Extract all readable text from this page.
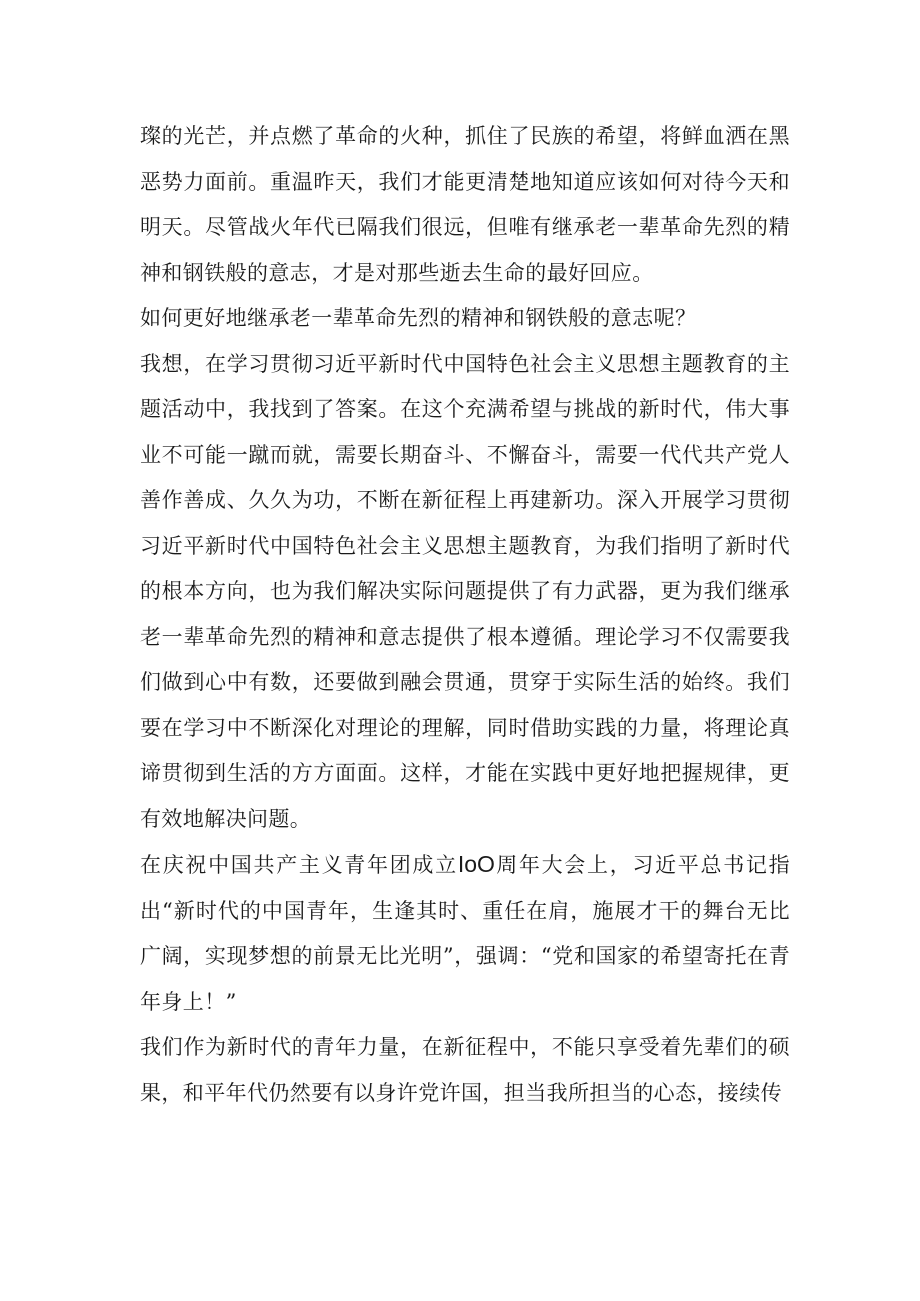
璨的光芒，并点燃了革命的火种，抓住了民族的希望，将鲜血洒在黑恶势力面前。重温昨天，我们才能更清楚地知道应该如何对待今天和明天。尽管战火年代已隔我们很远，但唯有继承老一辈革命先烈的精神和钢铁般的意志，才是对那些逝去生命的最好回应。

如何更好地继承老一辈革命先烈的精神和钢铁般的意志呢？

我想，在学习贯彻习近平新时代中国特色社会主义思想主题教育的主题活动中，我找到了答案。在这个充满希望与挑战的新时代，伟大事业不可能一蹴而就，需要长期奋斗、不懈奋斗，需要一代代共产党人善作善成、久久为功，不断在新征程上再建新功。深入开展学习贯彻习近平新时代中国特色社会主义思想主题教育，为我们指明了新时代的根本方向，也为我们解决实际问题提供了有力武器，更为我们继承老一辈革命先烈的精神和意志提供了根本遵循。理论学习不仅需要我们做到心中有数，还要做到融会贯通，贯穿于实际生活的始终。我们要在学习中不断深化对理论的理解，同时借助实践的力量，将理论真谛贯彻到生活的方方面面。这样，才能在实践中更好地把握规律，更有效地解决问题。

在庆祝中国共产主义青年团成立IoO周年大会上，习近平总书记指出“新时代的中国青年，生逢其时、重任在肩，施展才干的舞台无比广阔，实现梦想的前景无比光明”，强调：“党和国家的希望寄托在青年身上！”

我们作为新时代的青年力量，在新征程中，不能只享受着先辈们的硕果，和平年代仍然要有以身许党许国，担当我所担当的心态，接续传
